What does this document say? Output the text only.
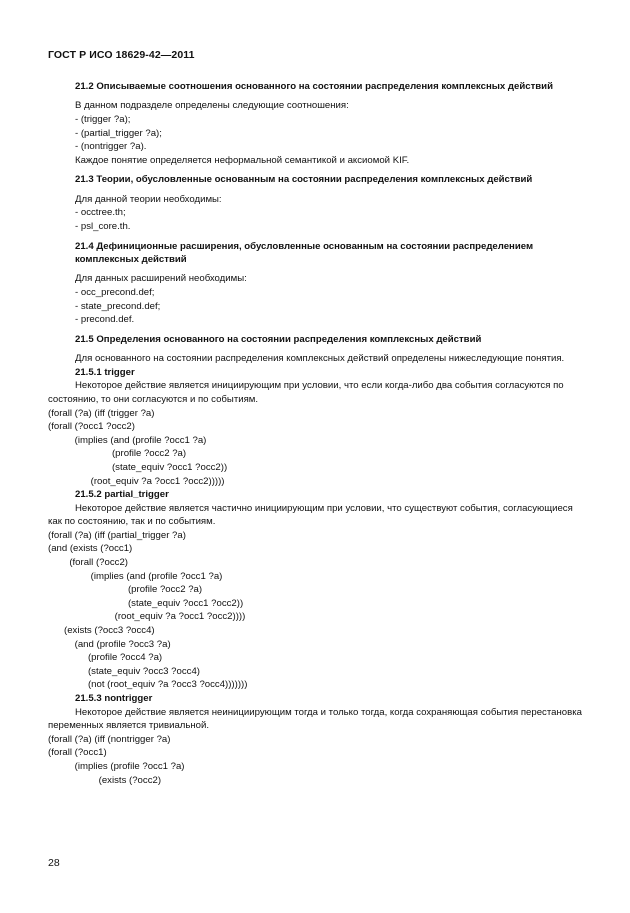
ГОСТ Р ИСО 18629-42—2011
21.2 Описываемые соотношения основанного на состоянии распределения комплексных действий

В данном подразделе определены следующие соотношения:

- (trigger ?a);

- (partial_trigger ?a);

- (nontrigger ?a).

Каждое понятие определяется неформальной семантикой и аксиомой KIF.

21.3 Теории, обусловленные основанным на состоянии распределения комплексных действий

Для данной теории необходимы:

- occtree.th;

- psl_core.th.

21.4 Дефиниционные расширения, обусловленные основанным на состоянии распределением комплексных действий

Для данных расширений необходимы:

- occ_precond.def;

- state_precond.def;

- precond.def.

21.5 Определения основанного на состоянии распределения комплексных действий

Для основанного на состоянии распределения комплексных действий определены нижеследующие понятия.

21.5.1 trigger

Некоторое действие является инициирующим при условии, что если когда-либо два события согласуются по состоянию, то они согласуются и по событиям.

(forall (?a) (iff (trigger ?a)
(forall (?occ1 ?occ2)
(implies (and (profile ?occ1 ?a)
(profile ?occ2 ?a)
(state_equiv ?occ1 ?occ2))
(root_equiv ?a ?occ1 ?occ2)))))
21.5.2 partial_trigger

Некоторое действие является частично инициирующим при условии, что существуют события, согласующиеся как по состоянию, так и по событиям.

(forall (?a) (iff (partial_trigger ?a)
(and (exists (?occ1)
(forall (?occ2)
(implies (and (profile ?occ1 ?a)
(profile ?occ2 ?a)
(state_equiv ?occ1 ?occ2))
(root_equiv ?a ?occ1 ?occ2))))
(exists (?occ3 ?occ4)
(and (profile ?occ3 ?a)
(profile ?occ4 ?a)
(state_equiv ?occ3 ?occ4)
(not (root_equiv ?a ?occ3 ?occ4)))))))
21.5.3 nontrigger

Некоторое действие является неинициирующим тогда и только тогда, когда сохраняющая события перестановка переменных является тривиальной.

(forall (?a) (iff (nontrigger ?a)
(forall (?occ1)
(implies (profile ?occ1 ?a)
(exists (?occ2)
28
